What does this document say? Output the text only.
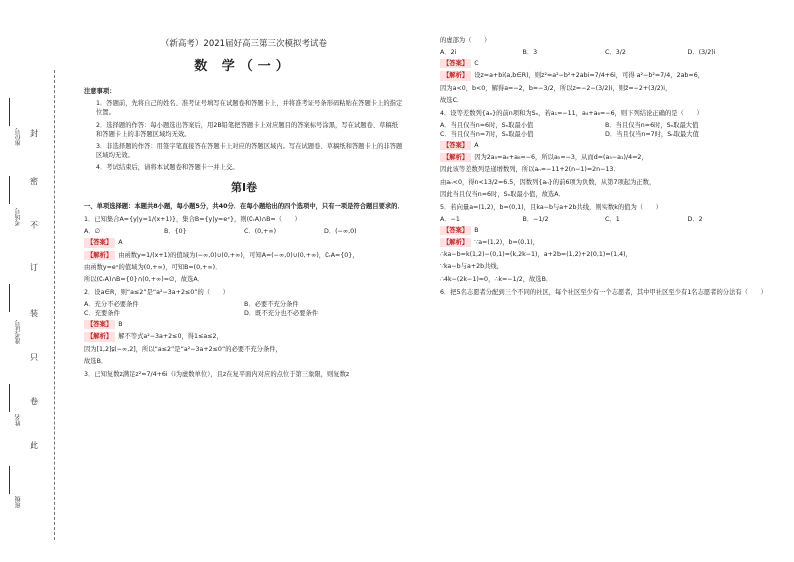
封
密
不
订
装
只
卷
此
座位号
考场号
准考证号
姓名
班级
（新高考）2021届好高三第三次模拟考试卷
数 学（一）

注意事项：

1．答题前，先将自己的姓名、准考证号填写在试题卷和答题卡上，并将准考证号条形码粘贴在答题卡上的指定位置。

2．选择题的作答：每小题选出答案后，用2B铅笔把答题卡上对应题目的答案标号涂黑，写在试题卷、草稿纸和答题卡上的非答题区域均无效。

3．非选择题的作答：用签字笔直接答在答题卡上对应的答题区域内。写在试题卷、草稿纸和答题卡上的非答题区域均无效。

4．考试结束后，请将本试题卷和答题卡一并上交。

第Ⅰ卷

一、单项选择题：本题共8小题，每小题5分，共40分．在每小题给出的四个选项中，只有一项是符合题目要求的．

1．已知集合A={y|y=1/(x+1)}，集合B={y|y=eˣ}，则(∁ᵣA)∩B=（　　）

A．∅	B．{0}	C．(0,+∞)	D．(−∞,0)

【答案】 A

【解析】 由函数y=1/(x+1)的值域为(−∞,0)∪(0,+∞)，可知A=(−∞,0)∪(0,+∞)，∁ᵣA={0}，

由函数y=eˣ的值域为(0,+∞)，可知B=(0,+∞)．

所以(∁ᵣA)∩B={0}∩(0,+∞)=∅，故选A．

2．设a∈R，则“a≤2”是“a²−3a+2≤0”的（　　）

A．充分不必要条件	B．必要不充分条件
C．充要条件	D．既不充分也不必要条件

【答案】 B

【解析】 解不等式a²−3a+2≤0，得1≤a≤2，

因为[1,2]⫋(−∞,2]，所以“a≤2”是“a²−3a+2≤0”的必要不充分条件，

故选B．

3．已知复数z满足z²=7/4+6i（i为虚数单位），且z在复平面内对应的点位于第三象限，则复数z

的虚部为（　　）

A．2i	B．3	C．3/2	D．(3/2)i

【答案】 C

【解析】 设z=a+bi(a,b∈R)，则z²=a²−b²+2abi=7/4+6i，可得 a²−b²=7/4，2ab=6，

因为a<0，b<0，解得a=−2，b=−3/2，所以z=−2−(3/2)i，则z̄=−2+(3/2)i，

故选C．

4．设等差数列{aₙ}的前n项和为Sₙ，若a₁=−11，a₄+a₆=−6，则下列结论正确的是（　　）

A．当且仅当n=6时，Sₙ取最小值	B．当且仅当n=6时，Sₙ取最大值
C．当且仅当n=7时，Sₙ取最小值	D．当且仅当n=7时，Sₙ取最大值

【答案】 A

【解析】 因为2a₅=a₄+a₆=−6，所以a₅=−3，从而d=(a₅−a₁)/4=2，

因此该等差数列是递增数列，所以aₙ=−11+2(n−1)=2n−13．

由aₙ<0，得n<13/2=6.5，因数列{aₙ}的前6项为负数，从第7项起为正数，

因此当且仅当n=6时，Sₙ取最小值，故选A．

5．若向量a=(1,2)，b=(0,1)，且ka−b与a+2b共线，则实数k的值为（　　）

A．−1	B．−1/2	C．1	D．2

【答案】 B

【解析】 ∵a=(1,2)，b=(0,1)，

∴ka−b=k(1,2)−(0,1)=(k,2k−1)，a+2b=(1,2)+2(0,1)=(1,4)，

∵ka−b与a+2b共线，

∴4k−(2k−1)=0，∴k=−1/2，故选B．

6．把5名志愿者分配到三个不同的社区，每个社区至少有一个志愿者，其中甲社区至少有1名志愿者的分法有（　　）
